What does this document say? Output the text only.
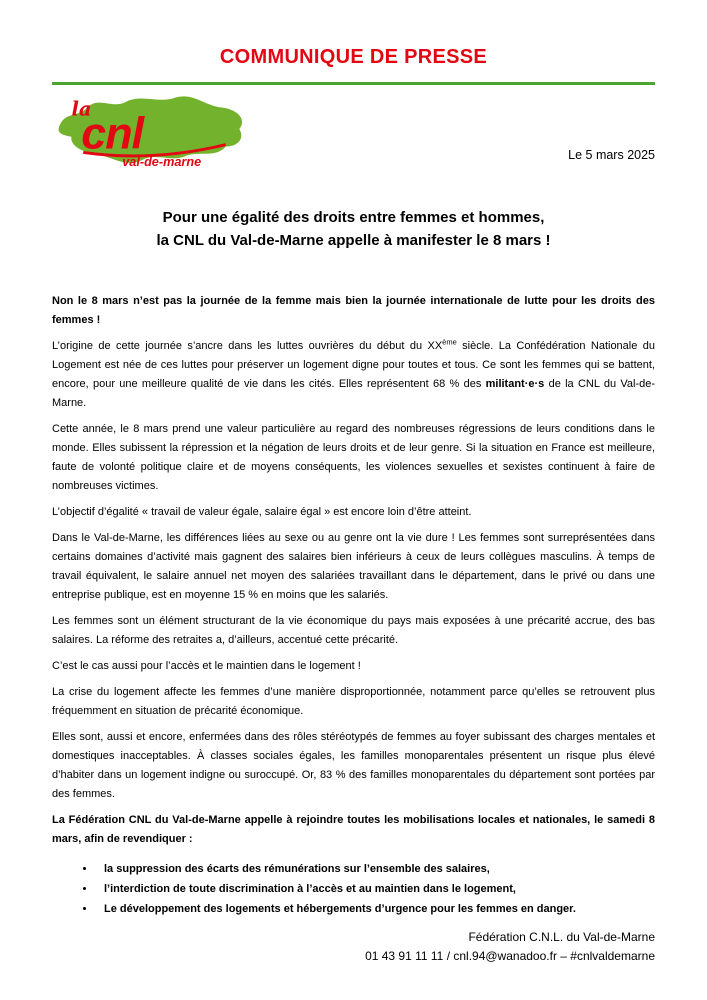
COMMUNIQUE DE PRESSE
la
cnl
val-de-marne
Le 5 mars 2025
Pour une égalité des droits entre femmes et hommes,
la CNL du Val-de-Marne appelle à manifester le 8 mars !

Non le 8 mars n’est pas la journée de la femme mais bien la journée internationale de lutte pour les droits des femmes !

L’origine de cette journée s’ancre dans les luttes ouvrières du début du XXème siècle. La Confédération Nationale du Logement est née de ces luttes pour préserver un logement digne pour toutes et tous. Ce sont les femmes qui se battent, encore, pour une meilleure qualité de vie dans les cités. Elles représentent 68 % des militant·e·s de la CNL du Val-de-Marne.

Cette année, le 8 mars prend une valeur particulière au regard des nombreuses régressions de leurs conditions dans le monde. Elles subissent la répression et la négation de leurs droits et de leur genre. Si la situation en France est meilleure, faute de volonté politique claire et de moyens conséquents, les violences sexuelles et sexistes continuent à faire de nombreuses victimes.

L’objectif d’égalité « travail de valeur égale, salaire égal » est encore loin d’être atteint.

Dans le Val-de-Marne, les différences liées au sexe ou au genre ont la vie dure ! Les femmes sont surreprésentées dans certains domaines d’activité mais gagnent des salaires bien inférieurs à ceux de leurs collègues masculins. À temps de travail équivalent, le salaire annuel net moyen des salariées travaillant dans le département, dans le privé ou dans une entreprise publique, est en moyenne 15 % en moins que les salariés.

Les femmes sont un élément structurant de la vie économique du pays mais exposées à une précarité accrue, des bas salaires. La réforme des retraites a, d’ailleurs, accentué cette précarité.

C’est le cas aussi pour l’accès et le maintien dans le logement !

La crise du logement affecte les femmes d’une manière disproportionnée, notamment parce qu’elles se retrouvent plus fréquemment en situation de précarité économique.

Elles sont, aussi et encore, enfermées dans des rôles stéréotypés de femmes au foyer subissant des charges mentales et domestiques inacceptables. À classes sociales égales, les familles monoparentales présentent un risque plus élevé d’habiter dans un logement indigne ou suroccupé. Or, 83 % des familles monoparentales du département sont portées par des femmes.

La Fédération CNL du Val-de-Marne appelle à rejoindre toutes les mobilisations locales et nationales, le samedi 8 mars, afin de revendiquer :

• la suppression des écarts des rémunérations sur l’ensemble des salaires,
• l’interdiction de toute discrimination à l’accès et au maintien dans le logement,
• Le développement des logements et hébergements d’urgence pour les femmes en danger.
Fédération C.N.L. du Val-de-Marne
01 43 91 11 11 / cnl.94@wanadoo.fr – #cnlvaldemarne
